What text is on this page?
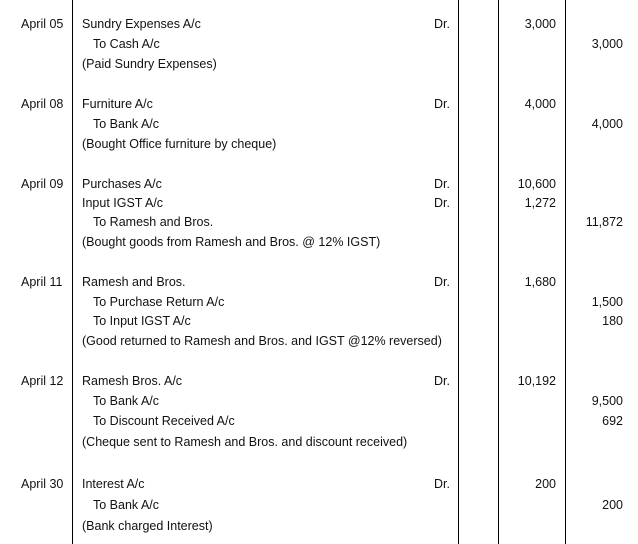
April 05 Sundry Expenses A/c	Dr.	3,000
To Cash A/c	3,000
(Paid Sundry Expenses)
April 08 Furniture A/c	Dr.	4,000
To Bank A/c	4,000
(Bought Office furniture by cheque)
April 09 Purchases A/c	Dr.	10,600
Input IGST A/c	Dr.	1,272
To Ramesh and Bros.	11,872
(Bought goods from Ramesh and Bros. @ 12% IGST)
April 11 Ramesh and Bros.	Dr.	1,680
To Purchase Return A/c	1,500
To Input IGST A/c	180
(Good returned to Ramesh and Bros. and IGST @12% reversed)
April 12 Ramesh Bros. A/c	Dr.	10,192
To Bank A/c	9,500
To Discount Received A/c	692
(Cheque sent to Ramesh and Bros. and discount received)
April 30 Interest A/c	Dr.	200
To Bank A/c	200
(Bank charged Interest)
